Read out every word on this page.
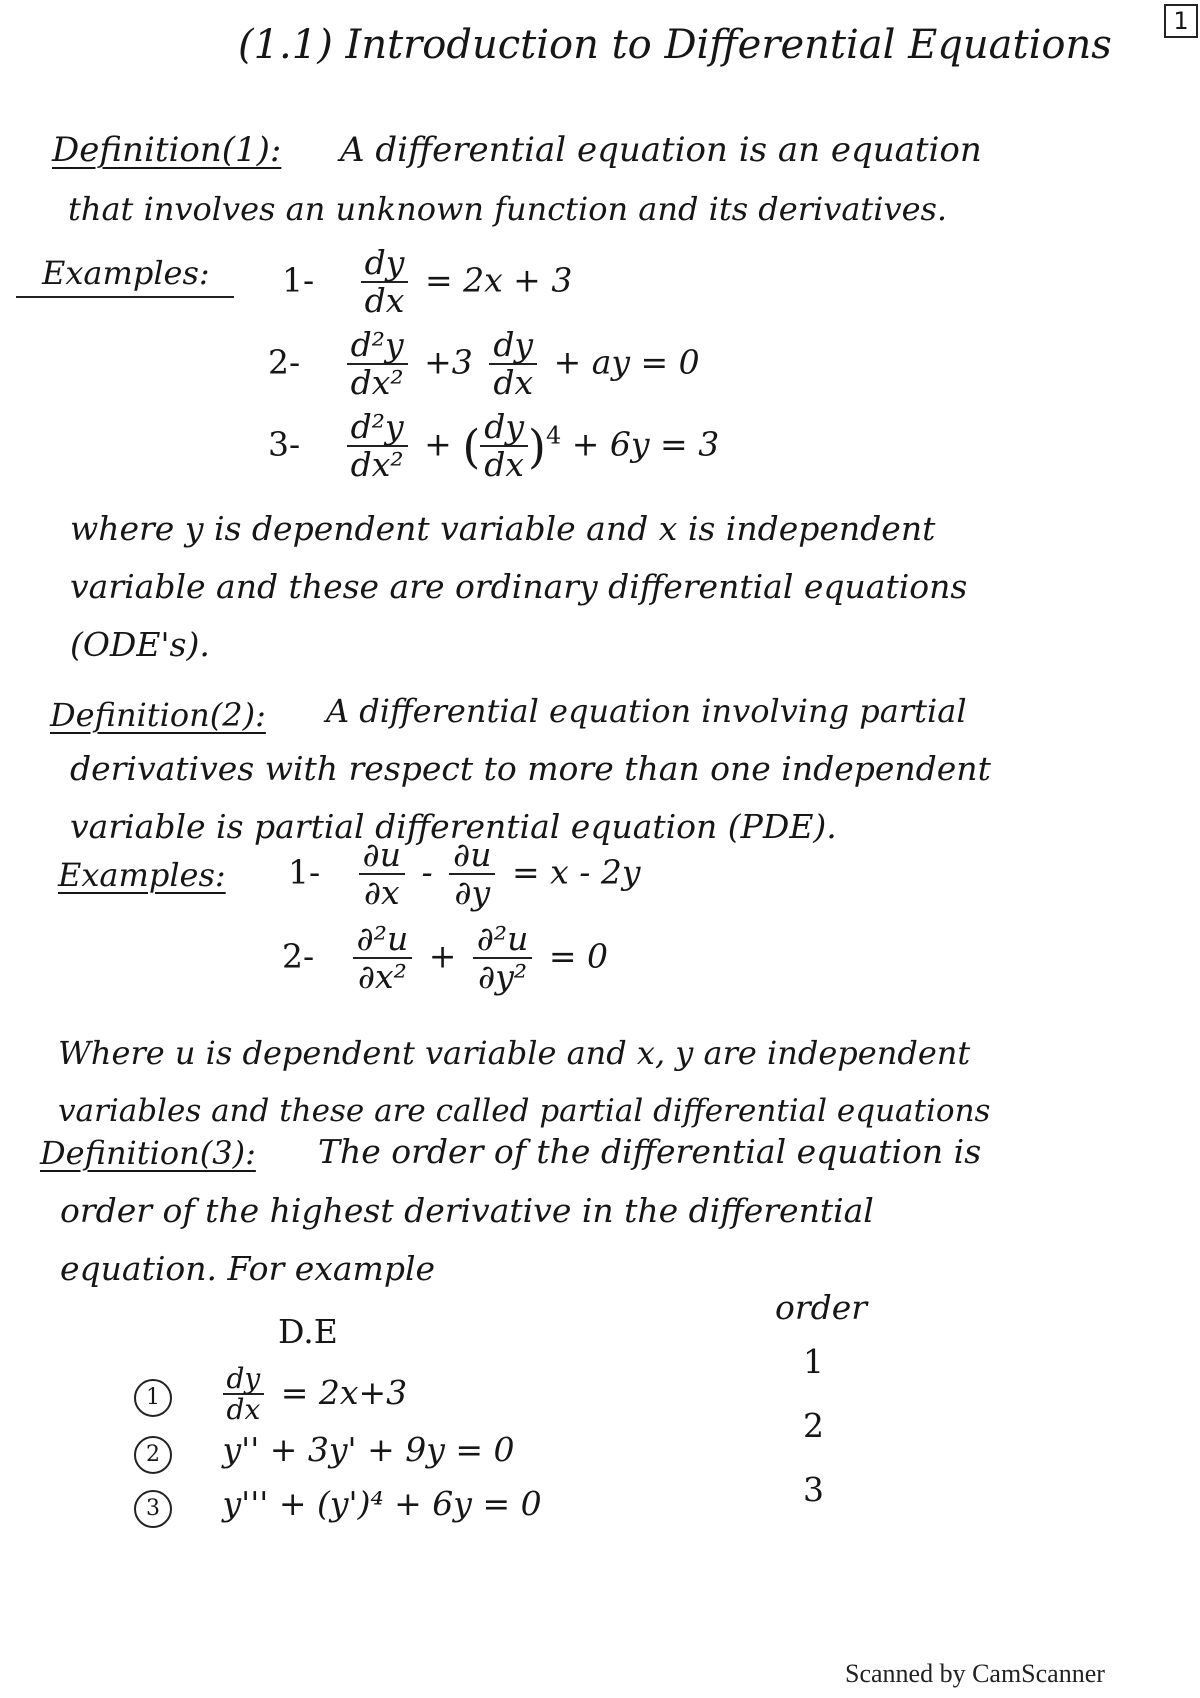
1
(1.1) Introduction to Differential Equations
Definition(1): A differential equation is an equation
that involves an unknown function and its derivatives.
Examples: $1- \frac{dy}{dx} = 2x + 3$
$2- \frac{\text{d²y}}{\text{dx²}} +3 \frac{dy}{dx}$ + ay = 0
$3- \frac{\text{d²y}}{\text{dx²}}$ + ( $\frac{dy}{dx} )^4 + 6y = 3$
where y is dependent variable and x is independent
variable and these are ordinary differential equations
(ODE's).
Definition(2): A differential equation involving partial
derivatives with respect to more than one independent
variable is partial differential equation (PDE).
Examples: $1- \frac{\partial u}{\partial x} - \frac{\partial u}{\partial y} = x - 2y$
$2- \frac{\text{∂²u}}{\text{∂x²}} + \frac{\text{∂²u}}{\text{∂y²}} = 0$
Where u is dependent variable and x, y are independent
variables and these are called partial differential equations
Definition(3): The order of the differential equation is
order of the highest derivative in the differential
equation. For example
D.E
order
$1 \frac{dy}{dx} = 2x+3$
1
2 y'' + 3y' + 9y = 0
2
3 y''' + (y')⁴ + 6y = 0	3
Scanned by CamScanner
